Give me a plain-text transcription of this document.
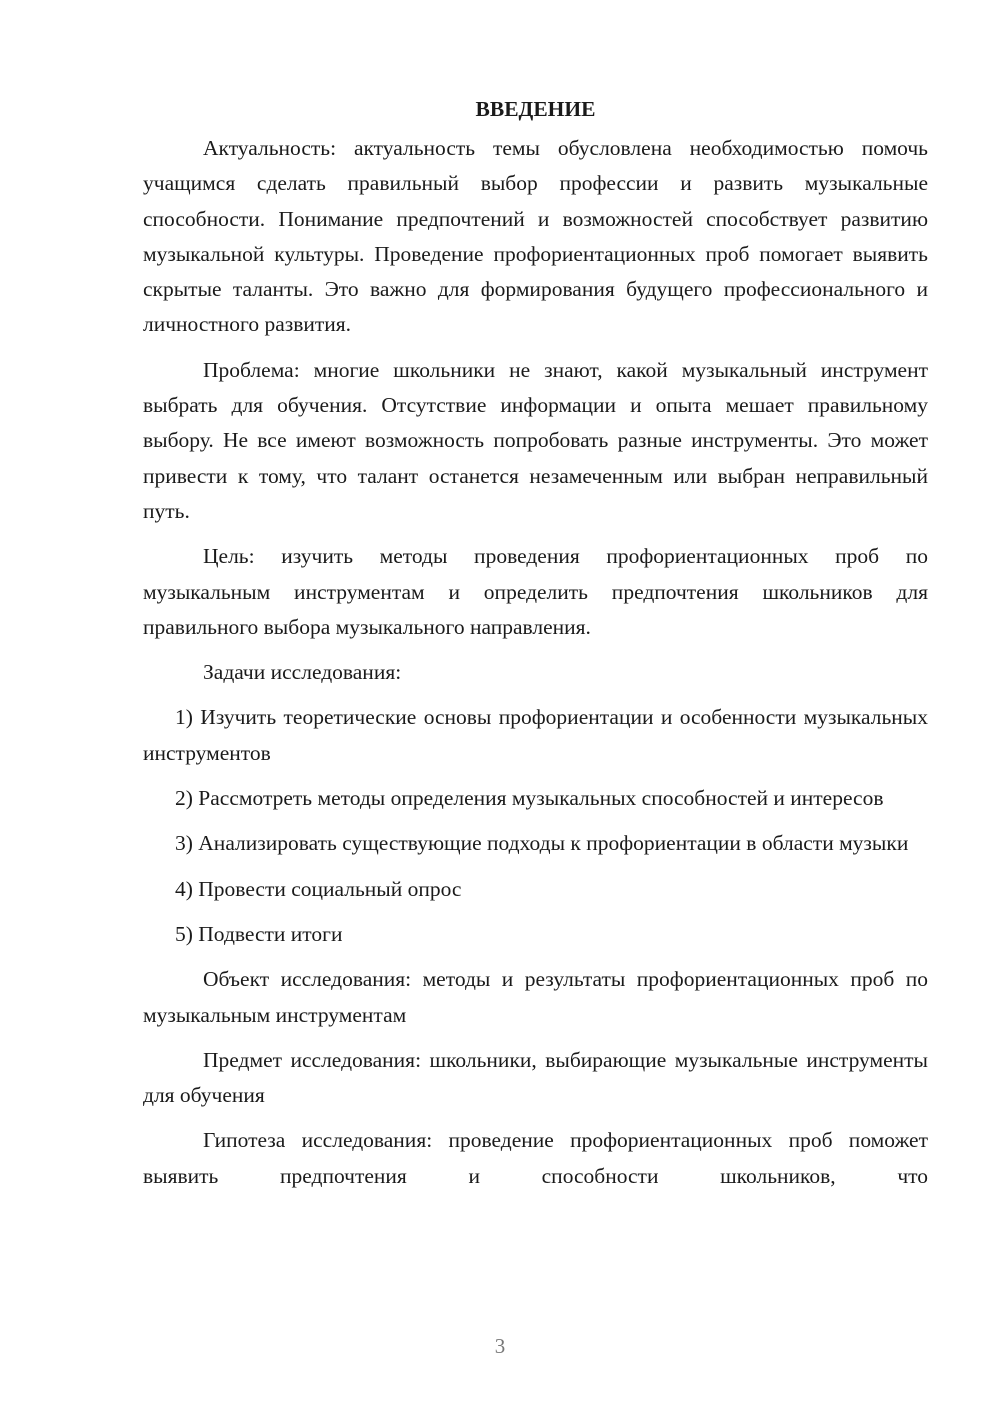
ВВЕДЕНИЕ

Актуальность: актуальность темы обусловлена необходимостью помочь учащимся сделать правильный выбор профессии и развить музыкальные способности. Понимание предпочтений и возможностей способствует развитию музыкальной культуры. Проведение профориентационных проб помогает выявить скрытые таланты. Это важно для формирования будущего профессионального и личностного развития.

Проблема: многие школьники не знают, какой музыкальный инструмент выбрать для обучения. Отсутствие информации и опыта мешает правильному выбору. Не все имеют возможность попробовать разные инструменты. Это может привести к тому, что талант останется незамеченным или выбран неправильный путь.

Цель: изучить методы проведения профориентационных проб по музыкальным инструментам и определить предпочтения школьников для правильного выбора музыкального направления.

Задачи исследования:

1) Изучить теоретические основы профориентации и особенности музыкальных инструментов

2) Рассмотреть методы определения музыкальных способностей и интересов

3) Анализировать существующие подходы к профориентации в области музыки

4) Провести социальный опрос

5) Подвести итоги

Объект исследования: методы и результаты профориентационных проб по музыкальным инструментам

Предмет исследования: школьники, выбирающие музыкальные инструменты для обучения

Гипотеза исследования: проведение профориентационных проб поможет выявить предпочтения и способности школьников, что

3
